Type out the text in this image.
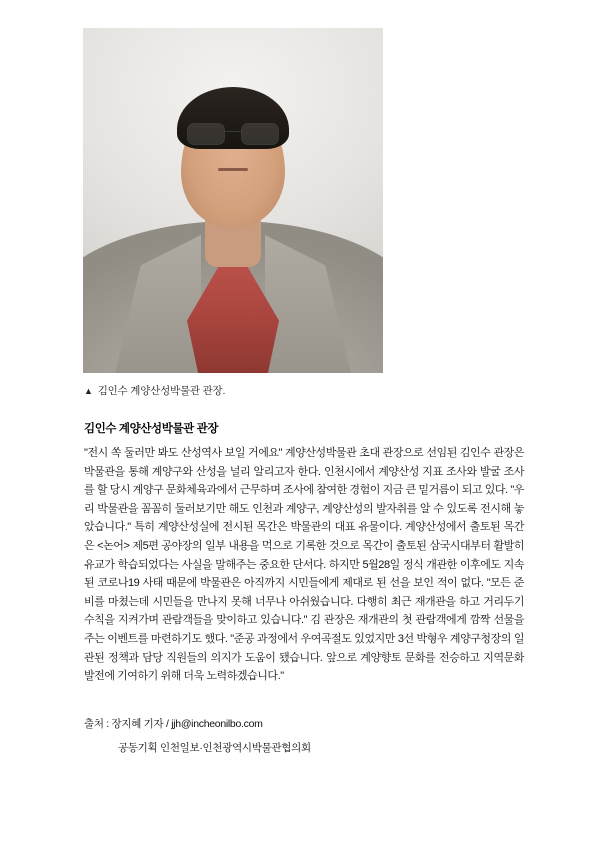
▲ 김인수 계양산성박물관 관장.
김인수 계양산성박물관 관장
"전시 쏙 둘러만 봐도 산성역사 보일 거에요" 계양산성박물관 초대 관장으로 선임된 김인수 관장은 박물관을 통해 계양구와 산성을 널리 알리고자 한다. 인천시에서 계양산성 지표 조사와 발굴 조사를 할 당시 계양구 문화체육과에서 근무하며 조사에 참여한 경험이 지금 큰 밑거름이 되고 있다. "우리 박물관을 꼼꼼히 둘러보기만 해도 인천과 계양구, 계양산성의 발자취를 알 수 있도록 전시해 놓았습니다." 특히 계양산성실에 전시된 목간은 박물관의 대표 유물이다. 계양산성에서 출토된 목간은 <논어> 제5편 공야장의 일부 내용을 먹으로 기록한 것으로 목간이 출토된 삼국시대부터 활발히 유교가 학습되었다는 사실을 말해주는 중요한 단서다. 하지만 5월28일 정식 개관한 이후에도 지속된 코로나19 사태 때문에 박물관은 아직까지 시민들에게 제대로 된 선을 보인 적이 없다. "모든 준비를 마쳤는데 시민들을 만나지 못해 너무나 아쉬웠습니다. 다행히 최근 재개관을 하고 거리두기 수칙을 지켜가며 관람객들을 맞이하고 있습니다." 김 관장은 재개관의 첫 관람객에게 깜짝 선물을 주는 이벤트를 마련하기도 했다. "준공 과정에서 우여곡절도 있었지만 3선 박형우 계양구청장의 일관된 정책과 담당 직원들의 의지가 도움이 됐습니다. 앞으로 계양향토 문화를 전승하고 지역문화 발전에 기여하기 위해 더욱 노력하겠습니다."
출처 : 장지혜 기자 / jjh@incheonilbo.com
공동기획 인천일보·인천광역시박물관협의회
